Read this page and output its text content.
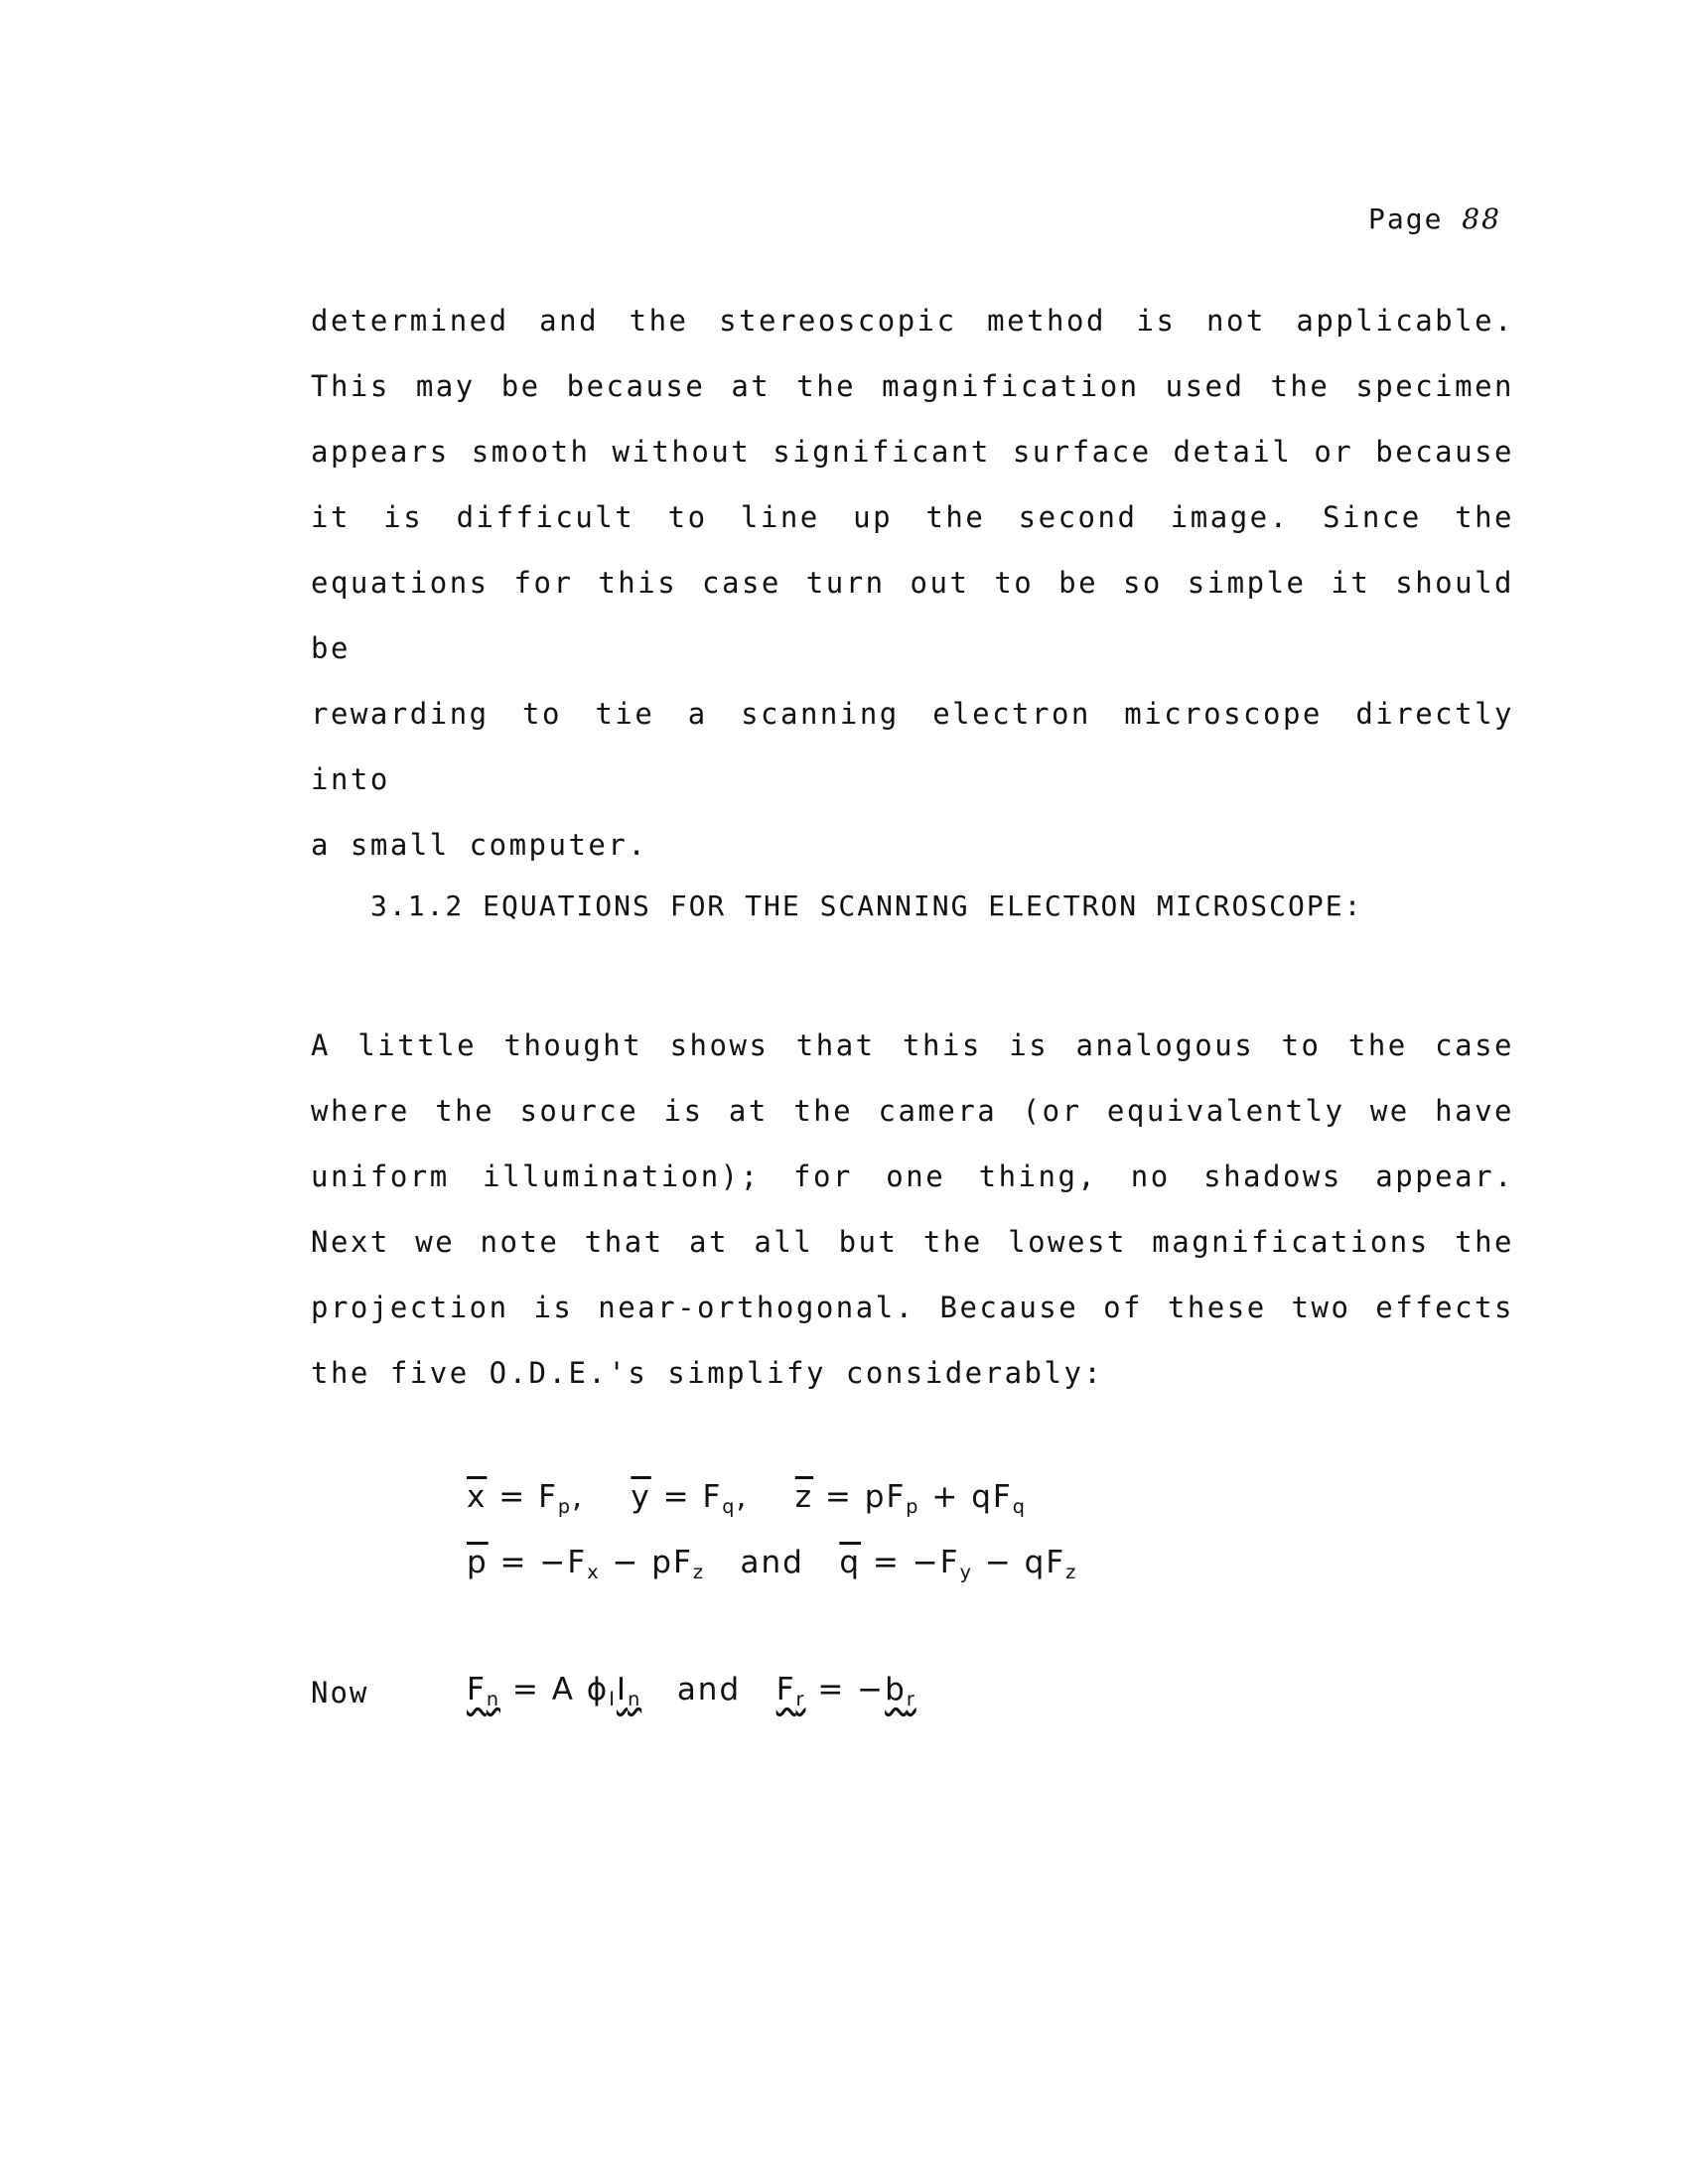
Page 88

determined and the stereoscopic method is not applicable.
This may be because at the magnification used the specimen
appears smooth without significant surface detail or because
it is difficult to line up the second image. Since the
equations for this case turn out to be so simple it should be
rewarding to tie a scanning electron microscope directly into
a small computer.

3.1.2 EQUATIONS FOR THE SCANNING ELECTRON MICROSCOPE:

A little thought shows that this is analogous to the case
where the source is at the camera (or equivalently we have
uniform illumination); for one thing, no shadows appear.
Next we note that at all but the lowest magnifications the
projection is near-orthogonal. Because of these two effects
the five O.D.E.'s simplify considerably:

$\overline{x} = F_p$, $\overline{y} = F_q$, $\overline{z} = pF_p + qF_q$
$\overline{p} = -F_x - pF_z$ and $\overline{q} = -F_y - qF_z$
Now	$F_n = A$ $\phi_II_n$ and $F_r = -b_r$
